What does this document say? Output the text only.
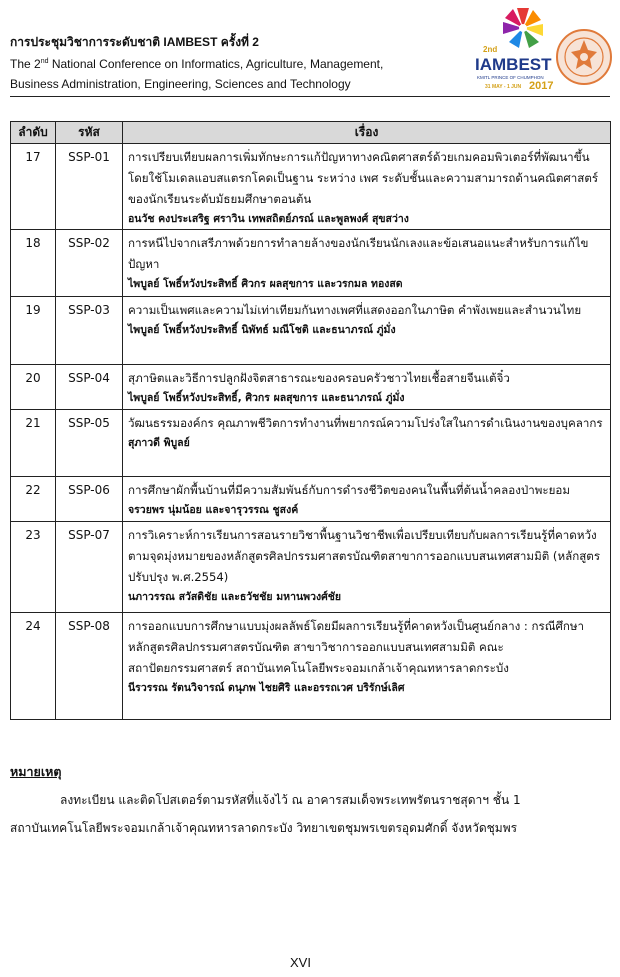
การประชุมวิชาการระดับชาติ IAMBEST ครั้งที่ 2
The 2nd National Conference on Informatics, Agriculture, Management,
Business Administration, Engineering, Sciences and Technology
2nd
IAMBEST
KMITL PRINCE OF CHUMPHON
31 MAY - 1 JUN 2017
ลำดับ	รหัส	เรื่อง
17	SSP-01	การเปรียบเทียบผลการเพิ่มทักษะการแก้ปัญหาทางคณิตศาสตร์ด้วยเกมคอมพิวเตอร์ที่พัฒนาขึ้นโดยใช้โมเดลแอบสแตรกโคดเป็นฐาน ระหว่าง เพศ ระดับชั้นและความสามารถด้านคณิตศาสตร์ของนักเรียนระดับมัธยมศึกษาตอนต้น
อนวัช คงประเสริฐ ศราวิน เทพสถิตย์ภรณ์ และพูลพงศ์ สุขสว่าง

18	SSP-02	การหนีไปจากเสรีภาพด้วยการทำลายล้างของนักเรียนนักเลงและข้อเสนอแนะสำหรับการแก้ไขปัญหา
ไพบูลย์ โพธิ์หวังประสิทธิ์ ศิวกร ผลสุขการ และวรกมล ทองสด

19	SSP-03	ความเป็นเพศและความไม่เท่าเทียมกันทางเพศที่แสดงออกในภาษิต คำพังเพยและสำนวนไทย
ไพบูลย์ โพธิ์หวังประสิทธิ์ นิพัทธ์ มณีโชติ และธนาภรณ์ ภู่มั่ง

20	SSP-04	สุภาษิตและวิธีการปลูกฝังจิตสาธารณะของครอบครัวชาวไทยเชื้อสายจีนแต้จิ๋ว
ไพบูลย์ โพธิ์หวังประสิทธิ์, ศิวกร ผลสุขการ และธนาภรณ์ ภู่มั่ง

21	SSP-05	วัฒนธรรมองค์กร คุณภาพชีวิตการทำงานที่พยากรณ์ความโปร่งใสในการดำเนินงานของบุคลากร
สุภาวดี พิบูลย์

22	SSP-06	การศึกษาผักพื้นบ้านที่มีความสัมพันธ์กับการดำรงชีวิตของคนในพื้นที่ต้นน้ำคลองป่าพะยอม
จรวยพร นุ่มน้อย และจารุวรรณ ชูสงค์

23	SSP-07	การวิเคราะห์การเรียนการสอนรายวิชาพื้นฐานวิชาชีพเพื่อเปรียบเทียบกับผลการเรียนรู้ที่คาดหวังตามจุดมุ่งหมายของหลักสูตรศิลปกรรมศาสตรบัณฑิตสาขาการออกแบบสนเทศสามมิติ (หลักสูตรปรับปรุง พ.ศ.2554)
นภาวรรณ สวัสดิชัย และธวัชชัย มหานพวงศ์ชัย

24	SSP-08	การออกแบบการศึกษาแบบมุ่งผลลัพธ์โดยมีผลการเรียนรู้ที่คาดหวังเป็นศูนย์กลาง : กรณีศึกษาหลักสูตรศิลปกรรมศาสตรบัณฑิต สาขาวิชาการออกแบบสนเทศสามมิติ คณะสถาปัตยกรรมศาสตร์ สถาบันเทคโนโลยีพระจอมเกล้าเจ้าคุณทหารลาดกระบัง
นีรวรรณ รัตนวิจารณ์ ดนุภพ ไชยศิริ และอรรถเวศ บริรักษ์เลิศ
หมายเหตุ
ลงทะเบียน และติดโปสเตอร์ตามรหัสที่แจ้งไว้ ณ อาคารสมเด็จพระเทพรัตนราชสุดาฯ ชั้น 1
สถาบันเทคโนโลยีพระจอมเกล้าเจ้าคุณทหารลาดกระบัง วิทยาเขตชุมพรเขตรอุดมศักดิ์ จังหวัดชุมพร
XVI
